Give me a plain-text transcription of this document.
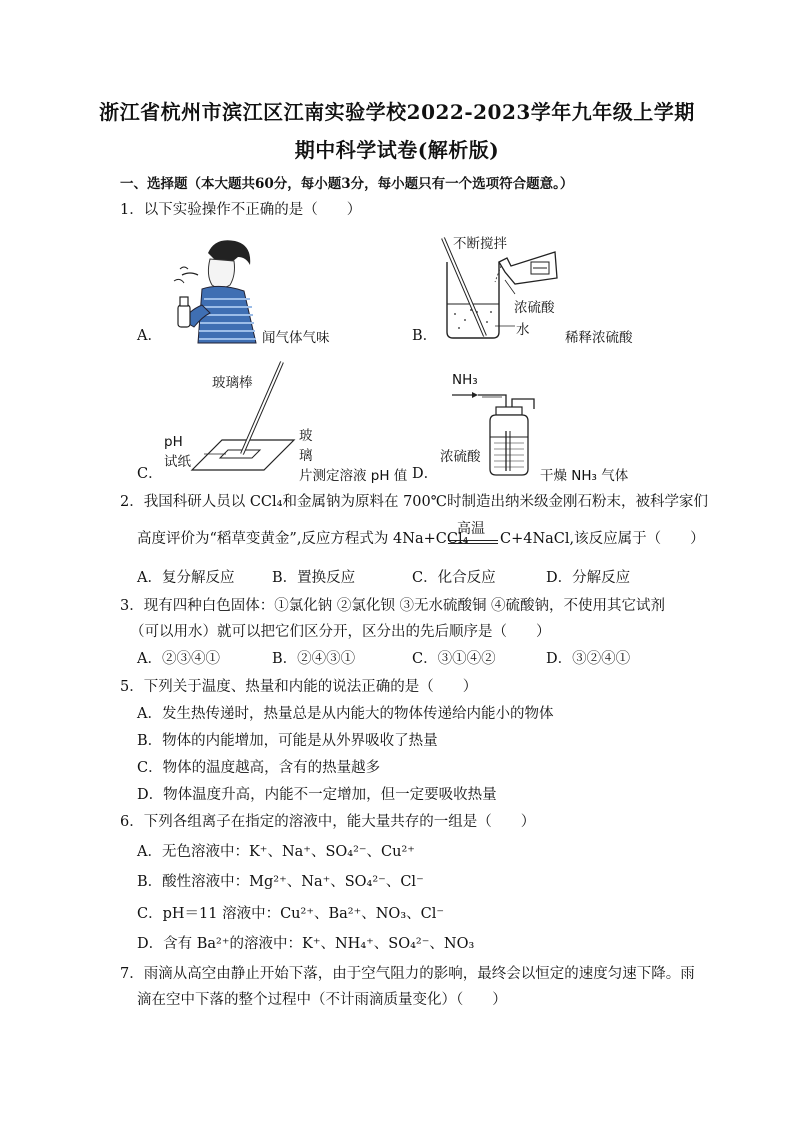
浙江省杭州市滨江区江南实验学校2022-2023学年九年级上学期
期中科学试卷(解析版)
一、选择题（本大题共60分，每小题3分，每小题只有一个选项符合题意。）
1．以下实验操作不正确的是（　　）
A．	闻气体气味
不断搅拌
浓硫酸
水
B．	稀释浓硫酸
玻璃棒
pH
试纸
玻
璃
C．	片测定溶液 pH 值
NH₃
浓硫酸
D．	干燥 NH₃ 气体
2．我国科研人员以 CCl₄和金属钠为原料在 700℃时制造出纳米级金刚石粉末，被科学家们
高度评价为“稻草变黄金”,反应方程式为 4Na+CCl₄
高温
C+4NaCl,该反应属于（　　）
A．复分解反应	B．置换反应	C．化合反应	D．分解反应
3．现有四种白色固体：①氯化钠 ②氯化钡 ③无水硫酸铜 ④硫酸钠，不使用其它试剂
（可以用水）就可以把它们区分开，区分出的先后顺序是（　　）
A．②③④①	B．②④③①	C．③①④②	D．③②④①
5．下列关于温度、热量和内能的说法正确的是（　　）
A．发生热传递时，热量总是从内能大的物体传递给内能小的物体
B．物体的内能增加，可能是从外界吸收了热量
C．物体的温度越高，含有的热量越多
D．物体温度升高，内能不一定增加，但一定要吸收热量
6．下列各组离子在指定的溶液中，能大量共存的一组是（　　）
A．无色溶液中：K⁺、Na⁺、SO₄²⁻、Cu²⁺
B．酸性溶液中：Mg²⁺、Na⁺、SO₄²⁻、Cl⁻
C．pH＝11 溶液中：Cu²⁺、Ba²⁺、NO₃、Cl⁻
D．含有 Ba²⁺的溶液中：K⁺、NH₄⁺、SO₄²⁻、NO₃
7．雨滴从高空由静止开始下落，由于空气阻力的影响，最终会以恒定的速度匀速下降。雨
滴在空中下落的整个过程中（不计雨滴质量变化）（　　）
